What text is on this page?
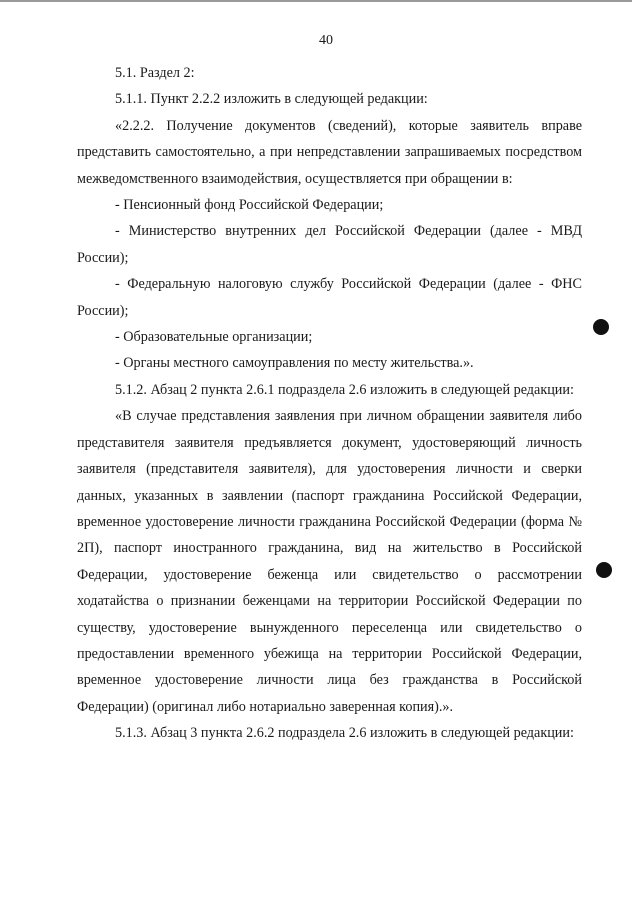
40

5.1. Раздел 2:

5.1.1. Пункт 2.2.2 изложить в следующей редакции:

«2.2.2. Получение документов (сведений), которые заявитель вправе представить самостоятельно, а при непредставлении запрашиваемых посредством межведомственного взаимодействия, осуществляется при обращении в:

- Пенсионный фонд Российской Федерации;

- Министерство внутренних дел Российской Федерации (далее - МВД России);

- Федеральную налоговую службу Российской Федерации (далее - ФНС России);

- Образовательные организации;

- Органы местного самоуправления по месту жительства.».

5.1.2. Абзац 2 пункта 2.6.1 подраздела 2.6 изложить в следующей редакции:

«В случае представления заявления при личном обращении заявителя либо представителя заявителя предъявляется документ, удостоверяющий личность заявителя (представителя заявителя), для удостоверения личности и сверки данных, указанных в заявлении (паспорт гражданина Российской Федерации, временное удостоверение личности гражданина Российской Федерации (форма № 2П), паспорт иностранного гражданина, вид на жительство в Российской Федерации, удостоверение беженца или свидетельство о рассмотрении ходатайства о признании беженцами на территории Российской Федерации по существу, удостоверение вынужденного переселенца или свидетельство о предоставлении временного убежища на территории Российской Федерации, временное удостоверение личности лица без гражданства в Российской Федерации) (оригинал либо нотариально заверенная копия).».

5.1.3. Абзац 3 пункта 2.6.2 подраздела 2.6 изложить в следующей редакции:
